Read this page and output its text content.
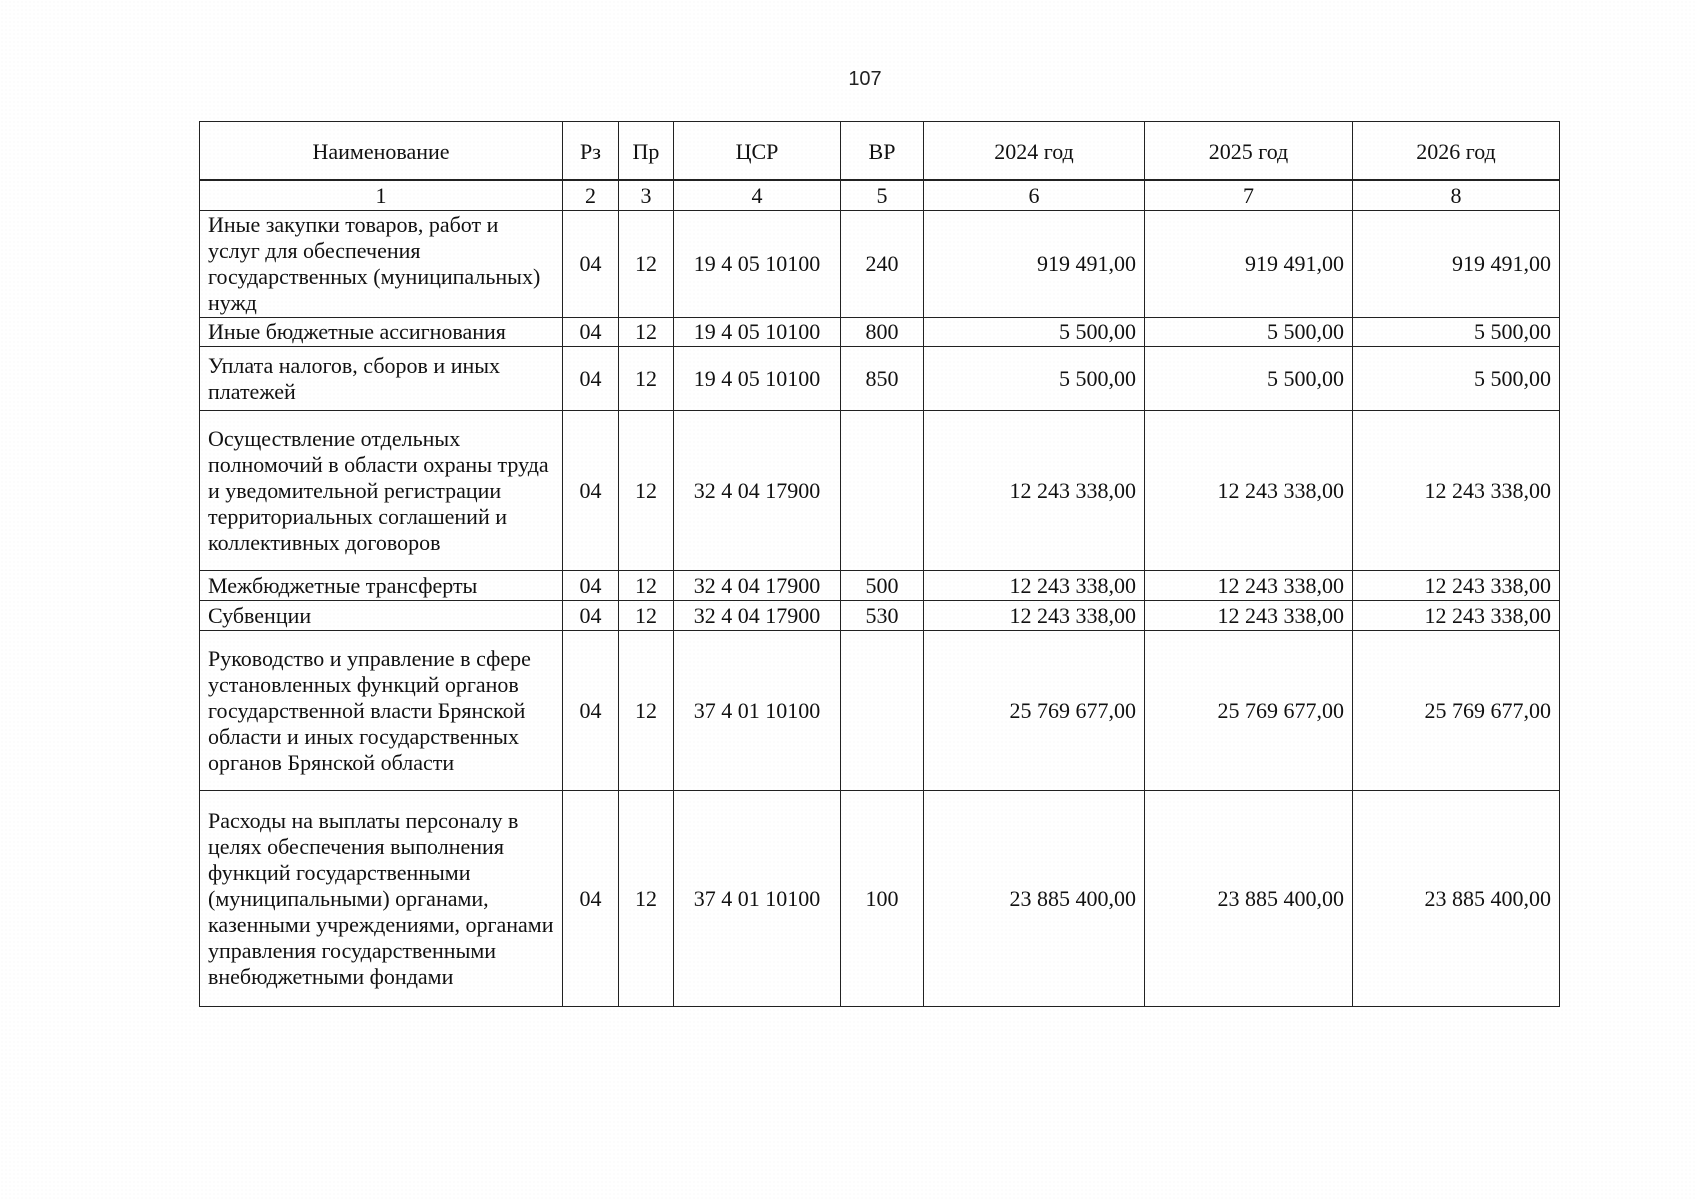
107
Наименование	Рз	Пр	ЦСР	ВР	2024 год	2025 год	2026 год
1	2	3	4	5	6	7	8
Иные закупки товаров, работ и услуг для обеспечения государственных (муниципальных) нужд	04	12	19 4 05 10100	240	919 491,00	919 491,00	919 491,00
Иные бюджетные ассигнования	04	12	19 4 05 10100	800	5 500,00	5 500,00	5 500,00
Уплата налогов, сборов и иных платежей	04	12	19 4 05 10100	850	5 500,00	5 500,00	5 500,00
Осуществление отдельных полномочий в области охраны труда и уведомительной регистрации территориальных соглашений и коллективных договоров	04	12	32 4 04 17900		12 243 338,00	12 243 338,00	12 243 338,00
Межбюджетные трансферты	04	12	32 4 04 17900	500	12 243 338,00	12 243 338,00	12 243 338,00
Субвенции	04	12	32 4 04 17900	530	12 243 338,00	12 243 338,00	12 243 338,00
Руководство и управление в сфере установленных функций органов государственной власти Брянской области и иных государственных органов Брянской области	04	12	37 4 01 10100		25 769 677,00	25 769 677,00	25 769 677,00
Расходы на выплаты персоналу в целях обеспечения выполнения функций государственными (муниципальными) органами, казенными учреждениями, органами управления государственными внебюджетными фондами	04	12	37 4 01 10100	100	23 885 400,00	23 885 400,00	23 885 400,00
